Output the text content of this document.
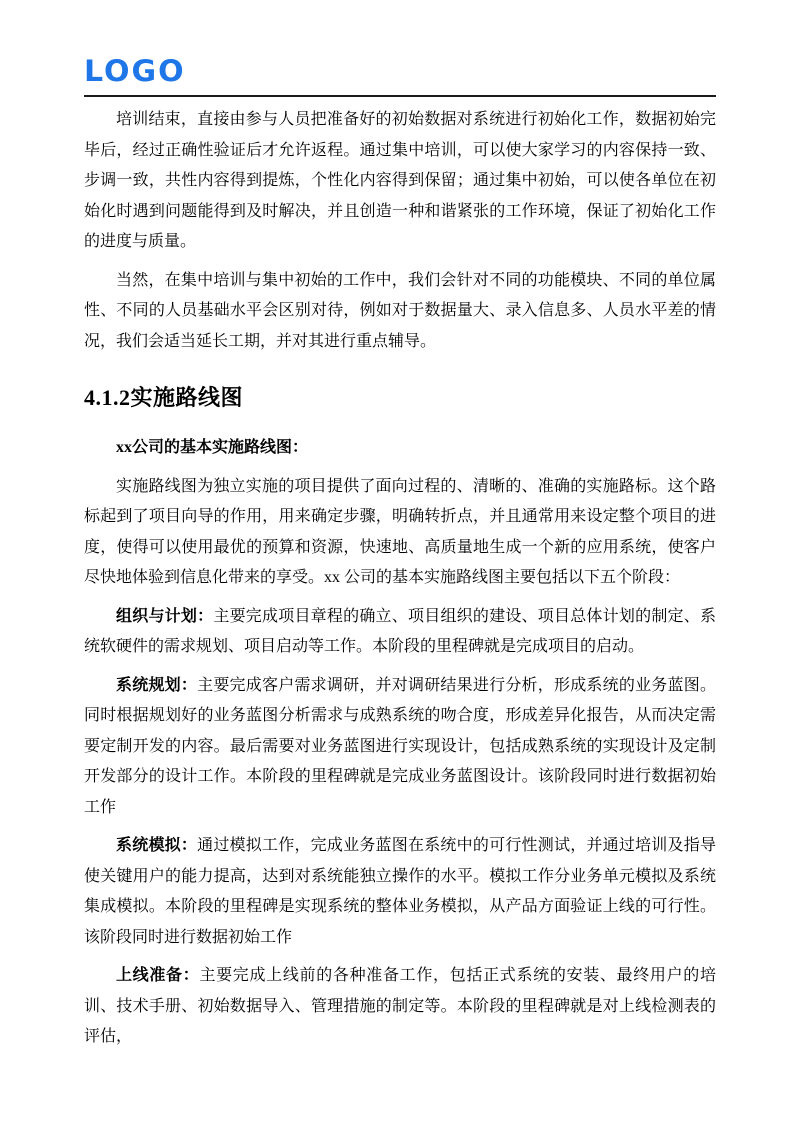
LOGO

培训结束，直接由参与人员把准备好的初始数据对系统进行初始化工作，数据初始完毕后，经过正确性验证后才允许返程。通过集中培训，可以使大家学习的内容保持一致、步调一致，共性内容得到提炼，个性化内容得到保留；通过集中初始，可以使各单位在初始化时遇到问题能得到及时解决，并且创造一种和谐紧张的工作环境，保证了初始化工作的进度与质量。

当然，在集中培训与集中初始的工作中，我们会针对不同的功能模块、不同的单位属性、不同的人员基础水平会区别对待，例如对于数据量大、录入信息多、人员水平差的情况，我们会适当延长工期，并对其进行重点辅导。

4.1.2实施路线图

xx公司的基本实施路线图：

实施路线图为独立实施的项目提供了面向过程的、清晰的、准确的实施路标。这个路标起到了项目向导的作用，用来确定步骤，明确转折点，并且通常用来设定整个项目的进度，使得可以使用最优的预算和资源，快速地、高质量地生成一个新的应用系统，使客户尽快地体验到信息化带来的享受。xx 公司的基本实施路线图主要包括以下五个阶段：

组织与计划：主要完成项目章程的确立、项目组织的建设、项目总体计划的制定、系统软硬件的需求规划、项目启动等工作。本阶段的里程碑就是完成项目的启动。

系统规划：主要完成客户需求调研，并对调研结果进行分析，形成系统的业务蓝图。同时根据规划好的业务蓝图分析需求与成熟系统的吻合度，形成差异化报告，从而决定需要定制开发的内容。最后需要对业务蓝图进行实现设计，包括成熟系统的实现设计及定制开发部分的设计工作。本阶段的里程碑就是完成业务蓝图设计。该阶段同时进行数据初始工作

系统模拟：通过模拟工作，完成业务蓝图在系统中的可行性测试，并通过培训及指导使关键用户的能力提高，达到对系统能独立操作的水平。模拟工作分业务单元模拟及系统集成模拟。本阶段的里程碑是实现系统的整体业务模拟，从产品方面验证上线的可行性。该阶段同时进行数据初始工作

上线准备：主要完成上线前的各种准备工作，包括正式系统的安装、最终用户的培训、技术手册、初始数据导入、管理措施的制定等。本阶段的里程碑就是对上线检测表的评估，
